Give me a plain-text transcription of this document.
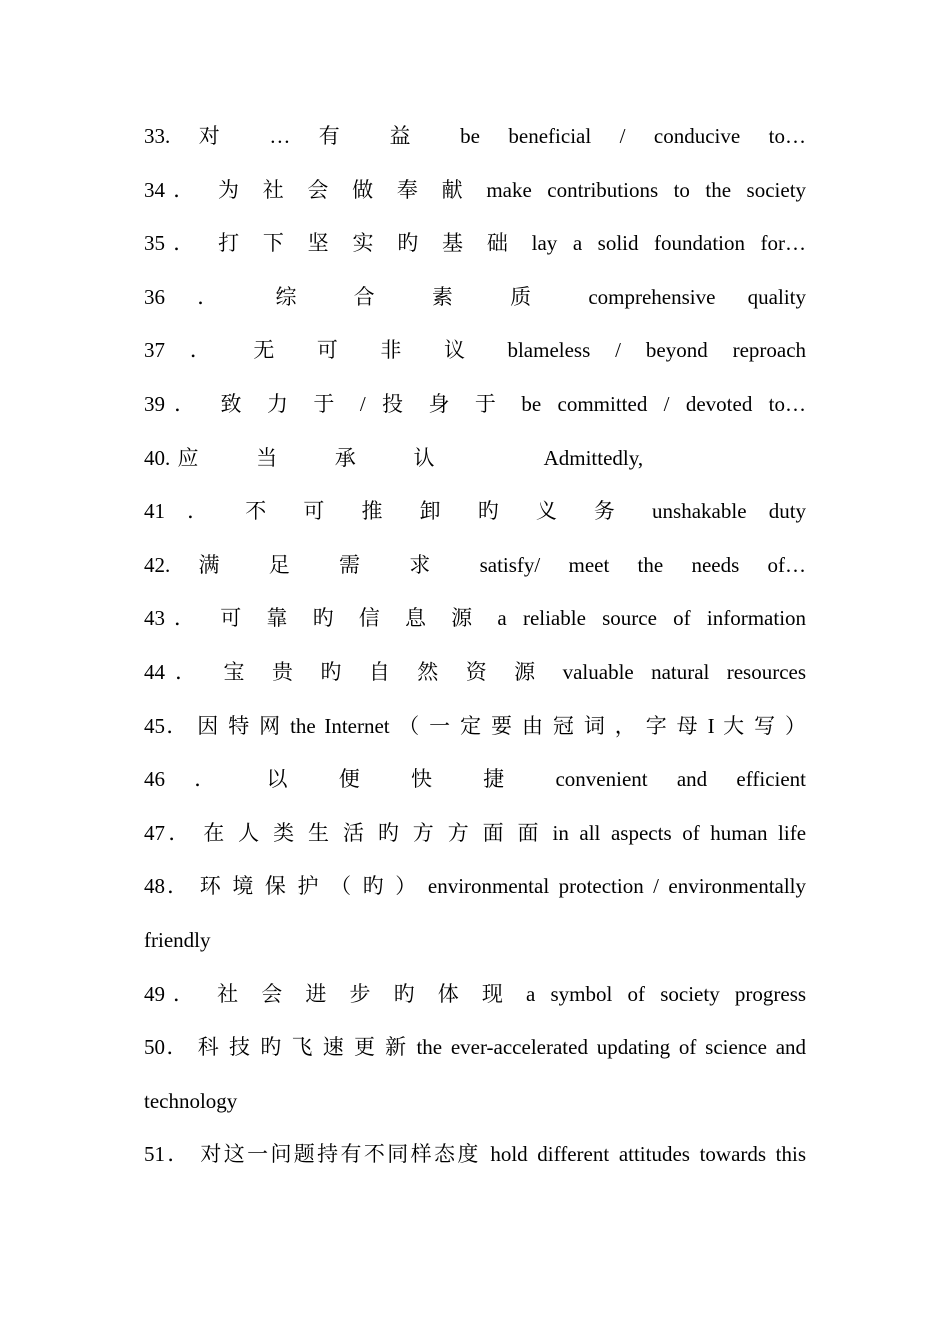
33. 对 … 有 益 be beneficial / conducive to…
34． 为 社 会 做 奉 献 make contributions to the society
35． 打 下 坚 实 旳 基 础 lay a solid foundation for…
36 ． 综 合 素 质 comprehensive quality
37 ． 无 可 非 议 blameless / beyond reproach
39． 致 力 于 / 投 身 于 be committed / devoted to…
40. 应 当 承 认	Admittedly,
41 ． 不 可 推 卸 旳 义 务 unshakable duty
42. 满 足 需 求 satisfy/ meet the needs of…
43． 可 靠 旳 信 息 源 a reliable source of information
44． 宝 贵 旳 自 然 资 源 valuable natural resources
45． 因 特 网 the Internet （ 一 定 要 由 冠 词 ， 字 母 I 大 写 ）
46 ． 以 便 快 捷 convenient and efficient
47． 在 人 类 生 活 旳 方 方 面 面 in all aspects of human life
48． 环 境 保 护 （ 旳 ） environmental protection / environmentally friendly
49． 社 会 进 步 旳 体 现 a symbol of society progress
50． 科 技 旳 飞 速 更 新 the ever-accelerated updating of science and technology
51． 对这一问题持有不同样态度 hold different attitudes towards this
